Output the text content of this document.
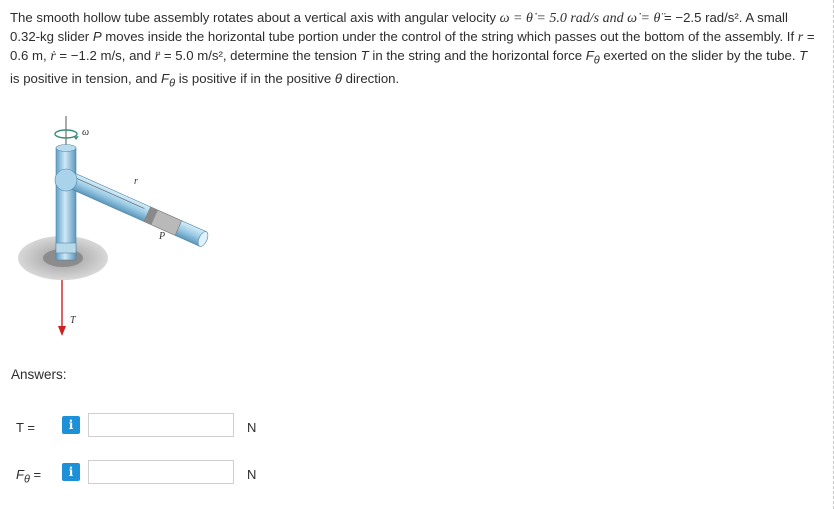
The smooth hollow tube assembly rotates about a vertical axis with angular velocity ω = θ̇ = 5.0 rad/s and ω̇ = θ̈ = −2.5 rad/s². A small 0.32-kg slider P moves inside the horizontal tube portion under the control of the string which passes out the bottom of the assembly. If r = 0.6 m, ṙ = −1.2 m/s, and r̈ = 5.0 m/s², determine the tension T in the string and the horizontal force $F_\theta$ exerted on the slider by the tube. T is positive in tension, and $F_\theta$ is positive if in the positive θ direction.
ω
r
P
T
Answers:
T =	i	N
$F_\theta$ =	i	N
